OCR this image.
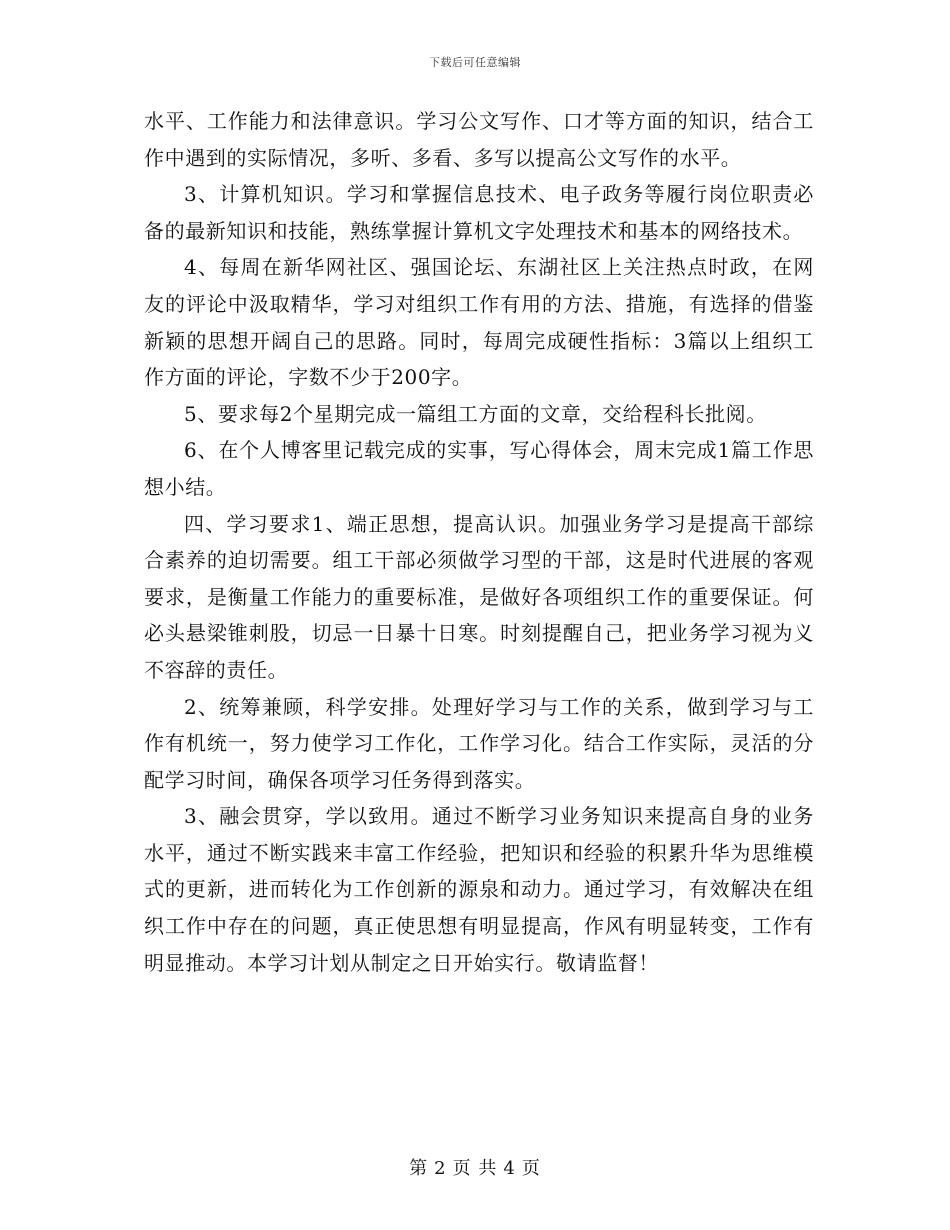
下载后可任意编辑

水平、工作能力和法律意识。学习公文写作、口才等方面的知识，结合工作中遇到的实际情况，多听、多看、多写以提高公文写作的水平。

3、计算机知识。学习和掌握信息技术、电子政务等履行岗位职责必备的最新知识和技能，熟练掌握计算机文字处理技术和基本的网络技术。

4、每周在新华网社区、强国论坛、东湖社区上关注热点时政，在网友的评论中汲取精华，学习对组织工作有用的方法、措施，有选择的借鉴新颖的思想开阔自己的思路。同时，每周完成硬性指标：3篇以上组织工作方面的评论，字数不少于200字。

5、要求每2个星期完成一篇组工方面的文章，交给程科长批阅。

6、在个人博客里记载完成的实事，写心得体会，周末完成1篇工作思想小结。

四、学习要求1、端正思想，提高认识。加强业务学习是提高干部综合素养的迫切需要。组工干部必须做学习型的干部，这是时代进展的客观要求，是衡量工作能力的重要标准，是做好各项组织工作的重要保证。何必头悬梁锥刺股，切忌一日暴十日寒。时刻提醒自己，把业务学习视为义不容辞的责任。

2、统筹兼顾，科学安排。处理好学习与工作的关系，做到学习与工作有机统一，努力使学习工作化，工作学习化。结合工作实际，灵活的分配学习时间，确保各项学习任务得到落实。

3、融会贯穿，学以致用。通过不断学习业务知识来提高自身的业务水平，通过不断实践来丰富工作经验，把知识和经验的积累升华为思维模式的更新，进而转化为工作创新的源泉和动力。通过学习，有效解决在组织工作中存在的问题，真正使思想有明显提高，作风有明显转变，工作有明显推动。本学习计划从制定之日开始实行。敬请监督！

第 2 页 共 4 页
